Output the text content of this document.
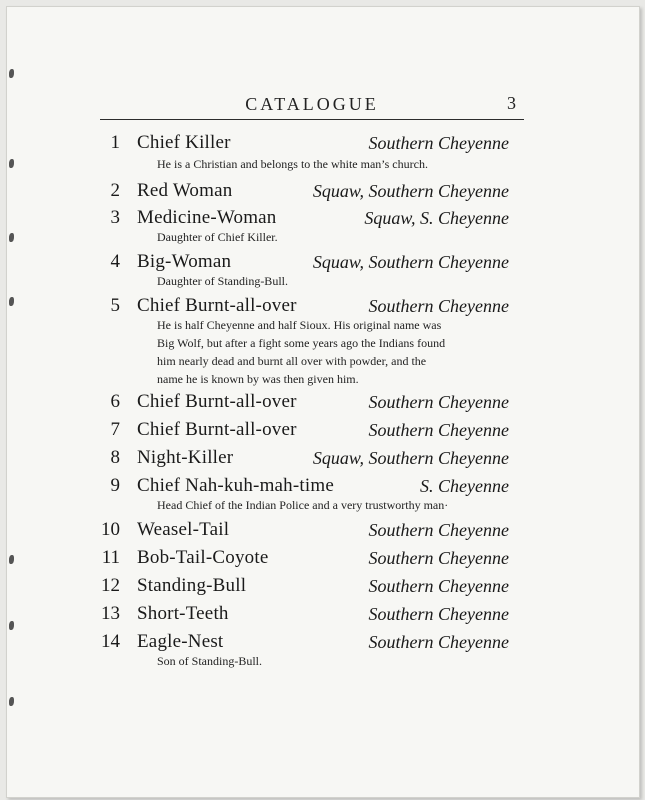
CATALOGUE	3
1 Chief Killer	Southern Cheyenne
He is a Christian and belongs to the white man’s church.
2 Red Woman	Squaw, Southern Cheyenne
3 Medicine-Woman	Squaw, S. Cheyenne
Daughter of Chief Killer.
4 Big-Woman	Squaw, Southern Cheyenne
Daughter of Standing-Bull.
5 Chief Burnt-all-over	Southern Cheyenne
He is half Cheyenne and half Sioux. His original name was
Big Wolf, but after a fight some years ago the Indians found
him nearly dead and burnt all over with powder, and the
name he is known by was then given him.
6 Chief Burnt-all-over	Southern Cheyenne
7 Chief Burnt-all-over	Southern Cheyenne
8 Night-Killer	Squaw, Southern Cheyenne
9 Chief Nah-kuh-mah-time	S. Cheyenne
Head Chief of the Indian Police and a very trustworthy man·
10 Weasel-Tail	Southern Cheyenne
11 Bob-Tail-Coyote	Southern Cheyenne
12 Standing-Bull	Southern Cheyenne
13 Short-Teeth	Southern Cheyenne
14 Eagle-Nest	Southern Cheyenne
Son of Standing-Bull.
